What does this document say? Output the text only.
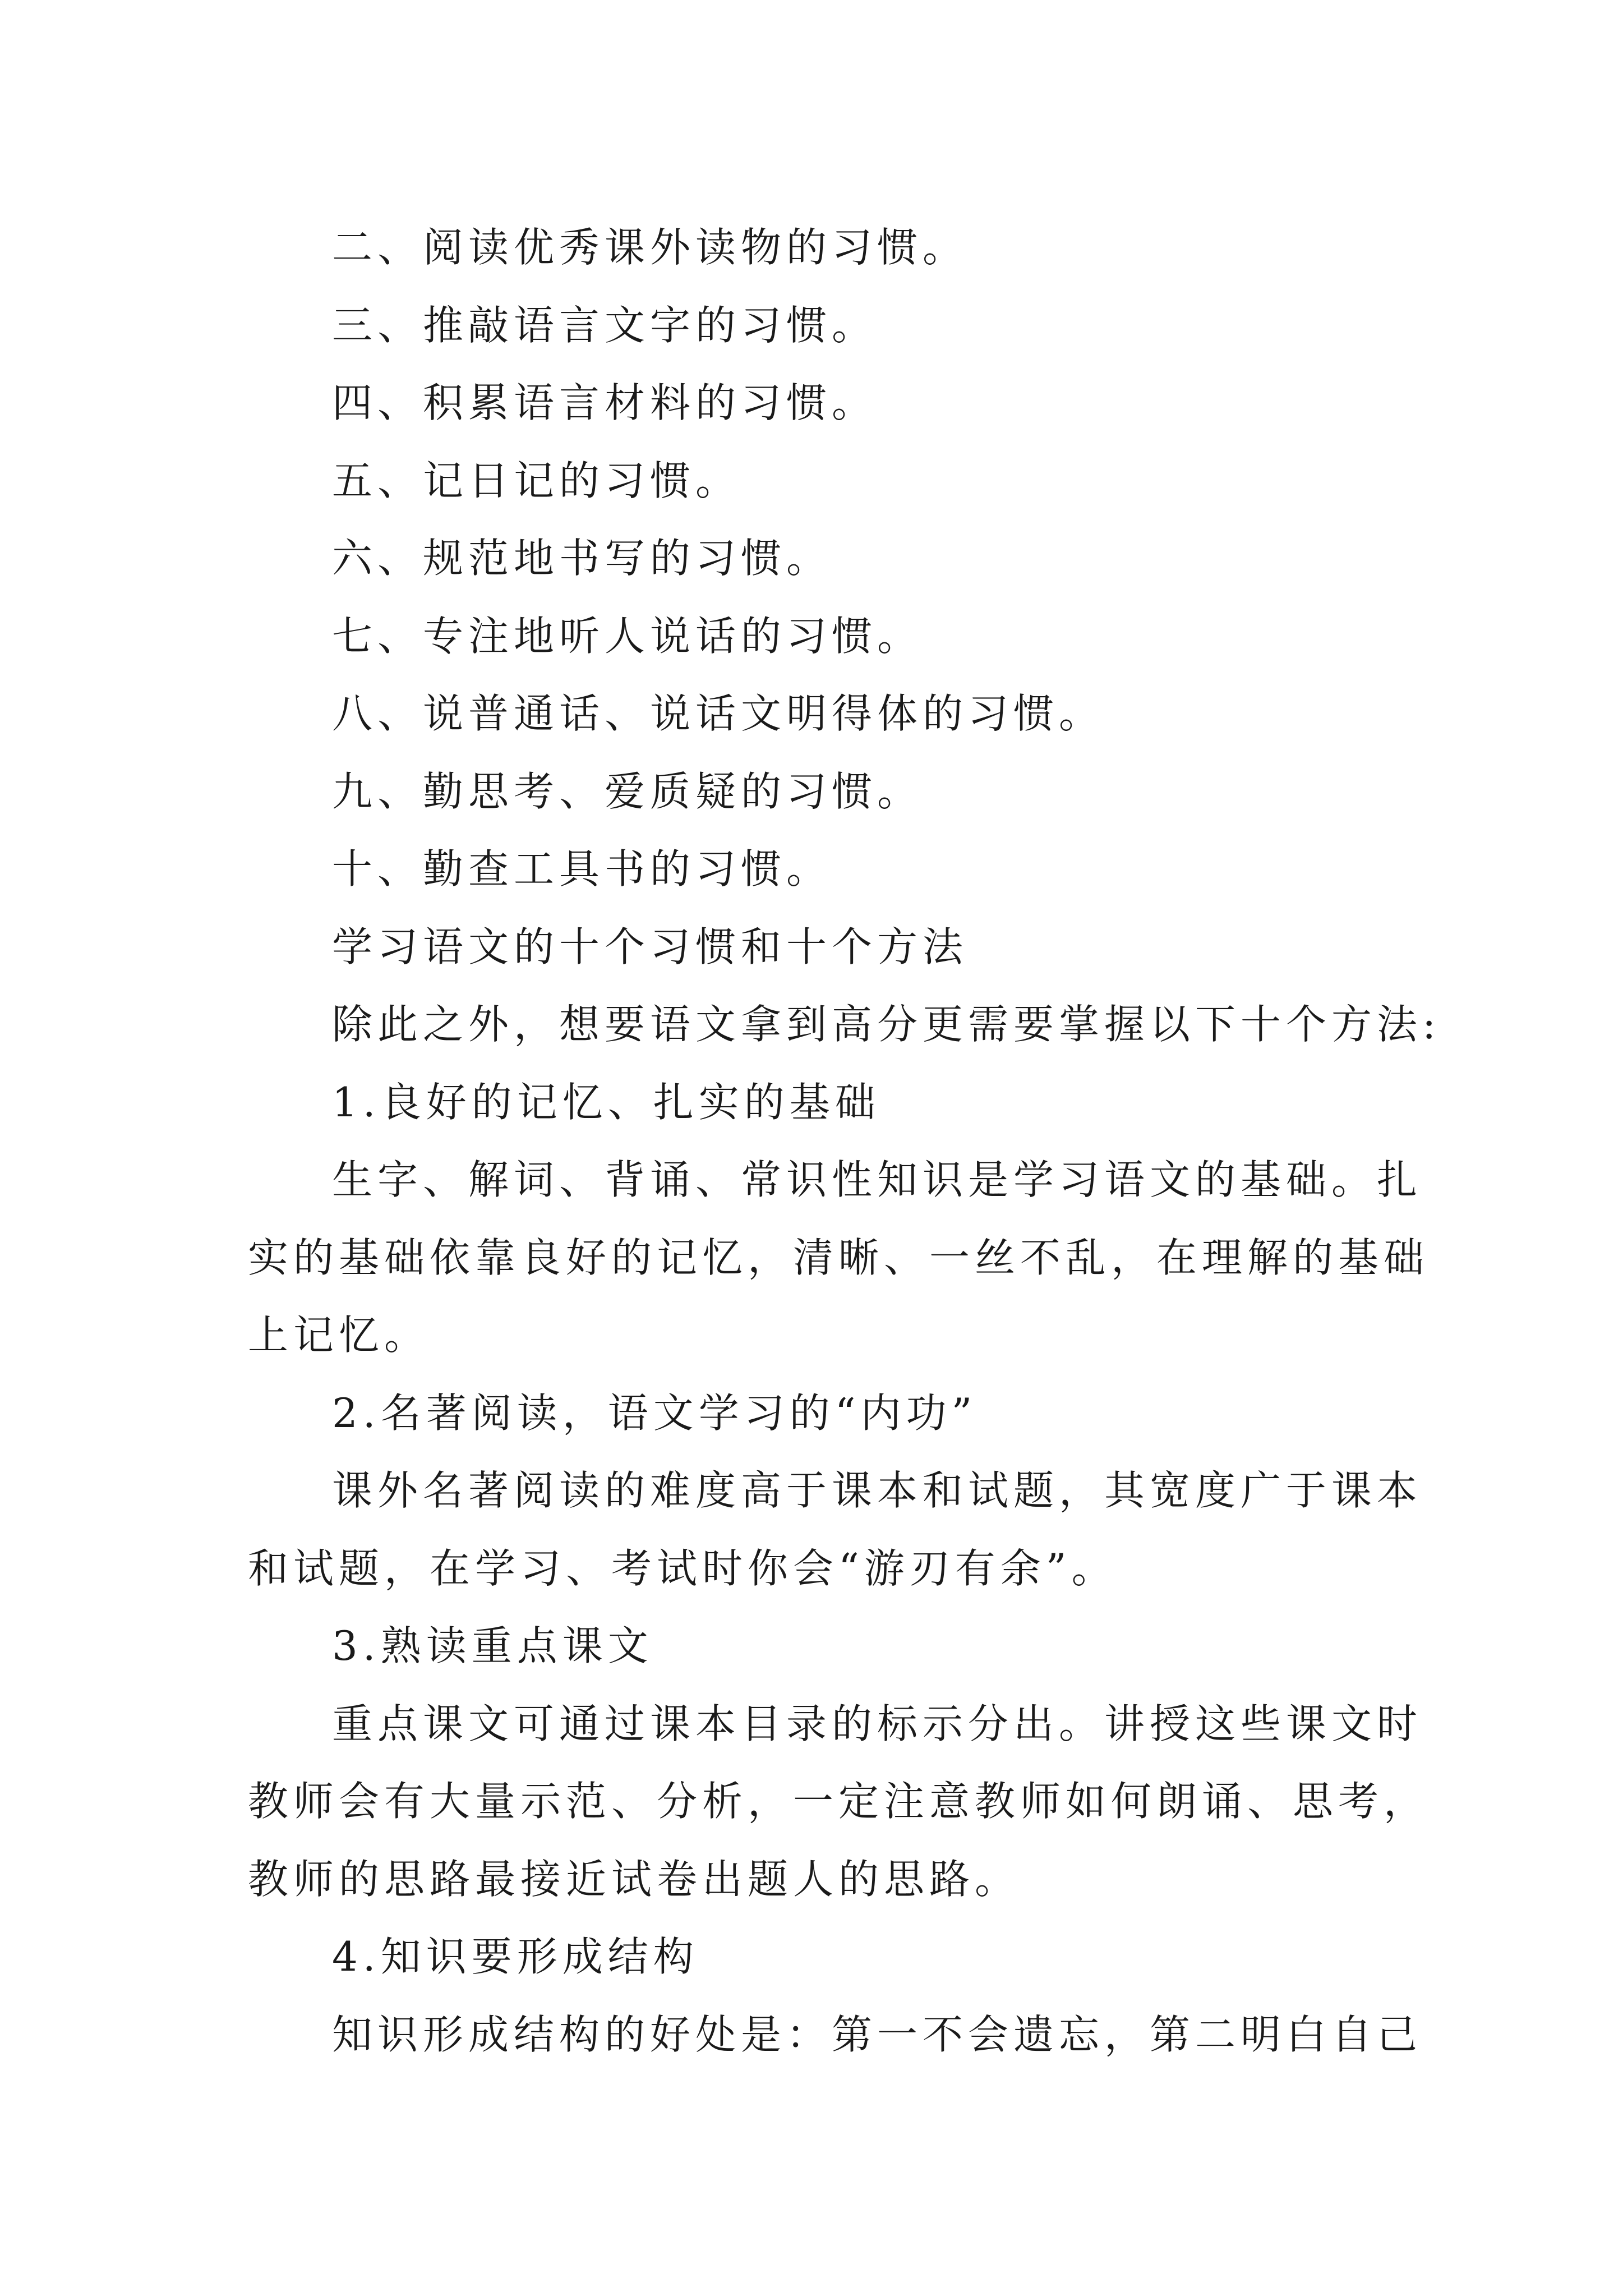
二、阅读优秀课外读物的习惯。
三、推敲语言文字的习惯。
四、积累语言材料的习惯。
五、记日记的习惯。
六、规范地书写的习惯。
七、专注地听人说话的习惯。
八、说普通话、说话文明得体的习惯。
九、勤思考、爱质疑的习惯。
十、勤查工具书的习惯。
学习语文的十个习惯和十个方法
除此之外，想要语文拿到高分更需要掌握以下十个方法:
1.良好的记忆、扎实的基础
生字、解词、背诵、常识性知识是学习语文的基础。扎
实的基础依靠良好的记忆，清晰、一丝不乱，在理解的基础
上记忆。
2.名著阅读，语文学习的“内功”
课外名著阅读的难度高于课本和试题，其宽度广于课本
和试题，在学习、考试时你会“游刃有余”。
3.熟读重点课文
重点课文可通过课本目录的标示分出。讲授这些课文时
教师会有大量示范、分析，一定注意教师如何朗诵、思考，
教师的思路最接近试卷出题人的思路。
4.知识要形成结构
知识形成结构的好处是：第一不会遗忘，第二明白自己
